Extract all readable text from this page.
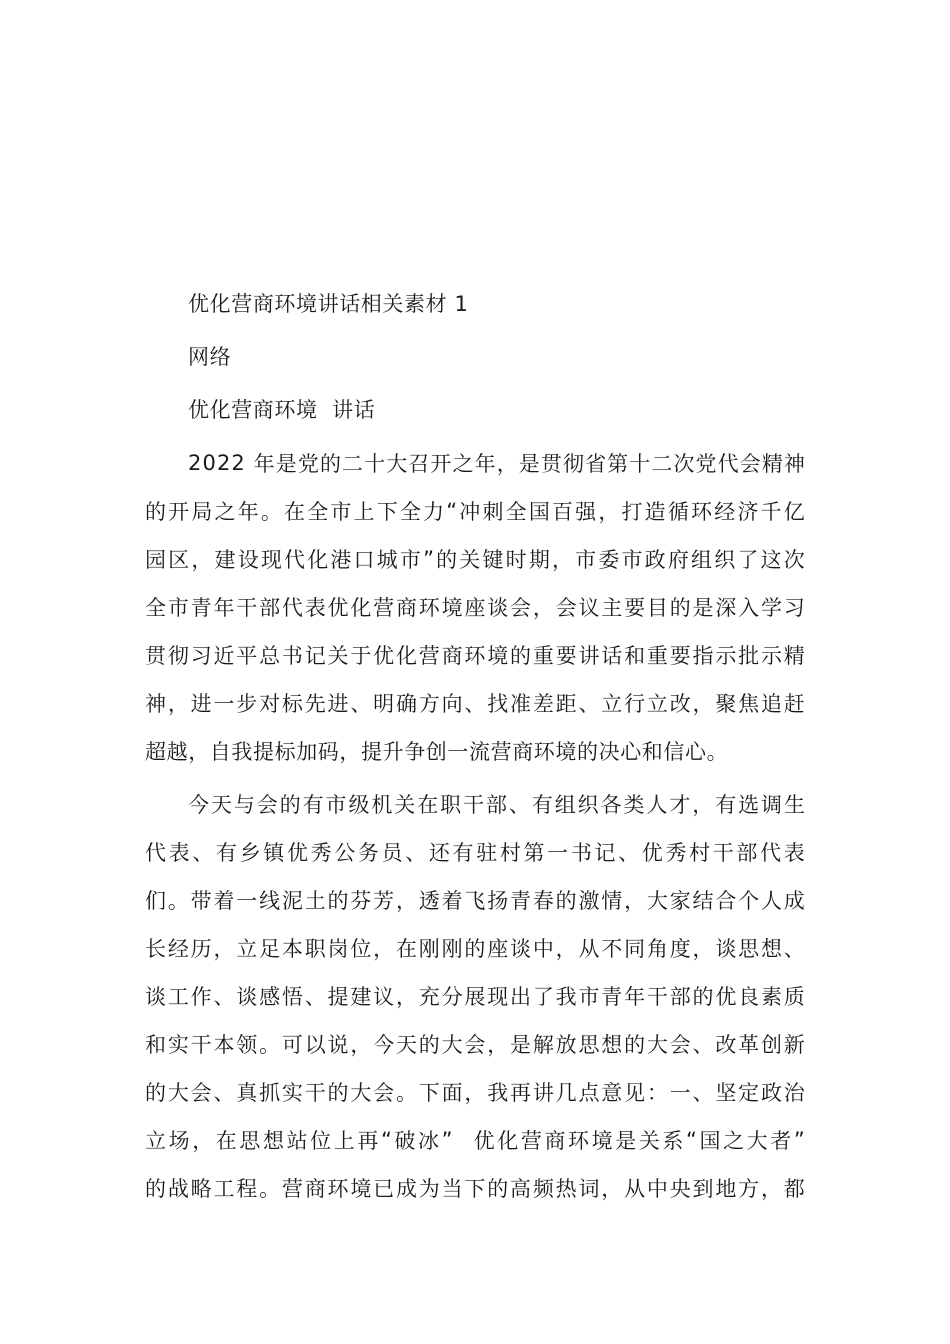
优化营商环境讲话相关素材 1
网络
优化营商环境  讲话
2 0 2 2
年 是 党 的 二 十 大 召 开 之 年 ， 是 贯 彻 省 第 十 二 次 党 代 会 精 神
的 开 局 之 年 。 在 全 市 上 下 全 力 “ 冲 刺 全 国 百 强 ， 打 造 循 环 经 济 千 亿
园 区 ， 建 设 现 代 化 港 口 城 市 ” 的 关 键 时 期 ， 市 委 市 政 府 组 织 了 这 次
全 市 青 年 干 部 代 表 优 化 营 商 环 境 座 谈 会 ， 会 议 主 要 目 的 是 深 入 学 习
贯 彻 习 近 平 总 书 记 关 于 优 化 营 商 环 境 的 重 要 讲 话 和 重 要 指 示 批 示 精
神 ， 进 一 步 对 标 先 进 、 明 确 方 向 、 找 准 差 距 、 立 行 立 改 ， 聚 焦 追 赶
超越，自我提标加码，提升争创一流营商环境的决心和信心。
今 天 与 会 的 有 市 级 机 关 在 职 干 部 、 有 组 织 各 类 人 才 ， 有 选 调 生
代 表 、 有 乡 镇 优 秀 公 务 员 、 还 有 驻 村 第 一 书 记 、 优 秀 村 干 部 代 表
们 。 带 着 一 线 泥 土 的 芬 芳 ， 透 着 飞 扬 青 春 的 激 情 ， 大 家 结 合 个 人 成
长 经 历 ， 立 足 本 职 岗 位 ， 在 刚 刚 的 座 谈 中 ， 从 不 同 角 度 ， 谈 思 想 、
谈 工 作 、 谈 感 悟 、 提 建 议 ， 充 分 展 现 出 了 我 市 青 年 干 部 的 优 良 素 质
和 实 干 本 领 。 可 以 说 ， 今 天 的 大 会 ， 是 解 放 思 想 的 大 会 、 改 革 创 新
的 大 会 、 真 抓 实 干 的 大 会 。 下 面 ， 我 再 讲 几 点 意 见 ： 一 、 坚 定 政 治
立 场 ， 在 思 想 站 位 上 再 “ 破 冰 ”

优 化 营 商 环 境 是 关 系 “ 国 之 大 者 ”
的 战 略 工 程 。 营 商 环 境 已 成 为 当 下 的 高 频 热 词 ， 从 中 央 到 地 方 ， 都
